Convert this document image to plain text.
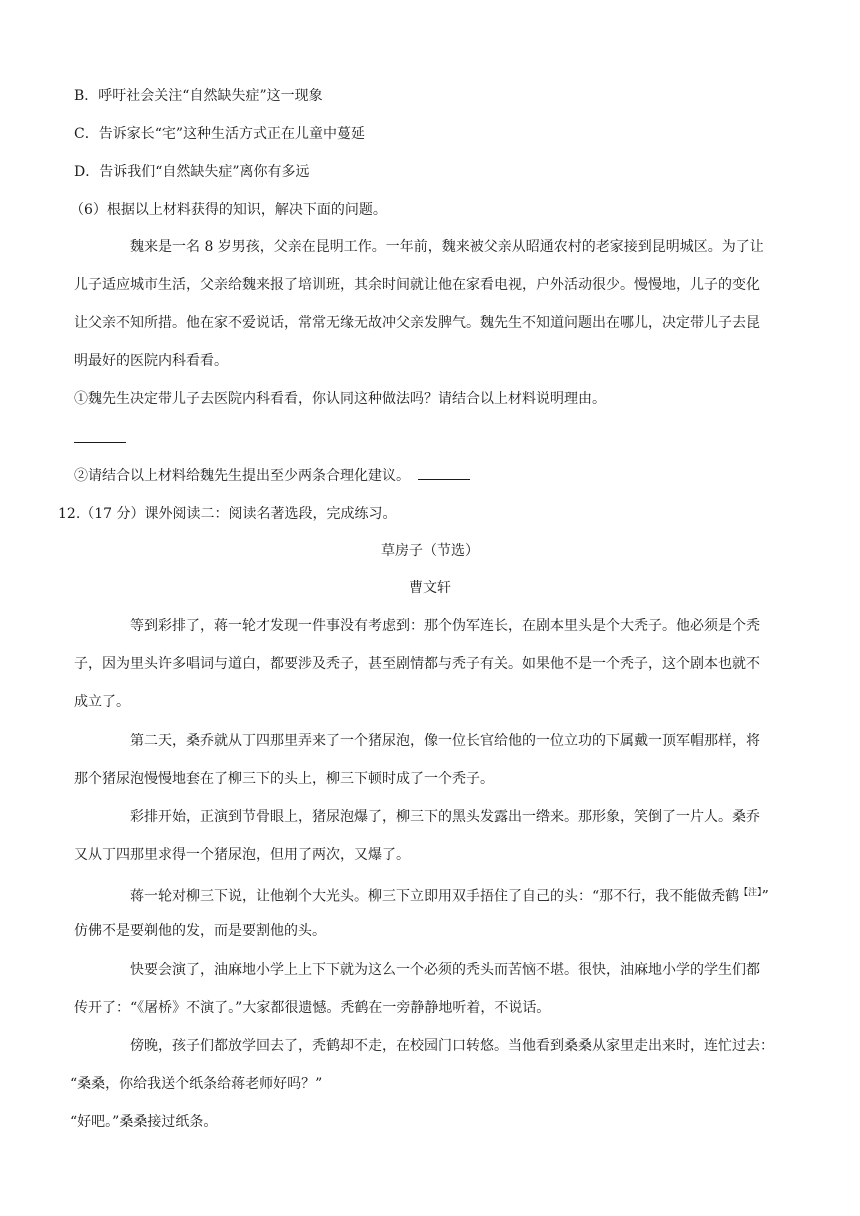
B．呼吁社会关注“自然缺失症”这一现象
C．告诉家长“宅”这种生活方式正在儿童中蔓延
D．告诉我们“自然缺失症”离你有多远
（6）根据以上材料获得的知识，解决下面的问题。
魏来是一名 8 岁男孩，父亲在昆明工作。一年前，魏来被父亲从昭通农村的老家接到昆明城区。为了让
儿子适应城市生活，父亲给魏来报了培训班，其余时间就让他在家看电视，户外活动很少。慢慢地，儿子的变化
让父亲不知所措。他在家不爱说话，常常无缘无故冲父亲发脾气。魏先生不知道问题出在哪儿，决定带儿子去昆
明最好的医院内科看看。
①魏先生决定带儿子去医院内科看看，你认同这种做法吗？请结合以上材料说明理由。
②请结合以上材料给魏先生提出至少两条合理化建议。
12.（17 分）课外阅读二：阅读名著选段，完成练习。
草房子（节选）
曹文轩
等到彩排了，蒋一轮才发现一件事没有考虑到：那个伪军连长，在剧本里头是个大秃子。他必须是个秃
子，因为里头许多唱词与道白，都要涉及秃子，甚至剧情都与秃子有关。如果他不是一个秃子，这个剧本也就不
成立了。
第二天，桑乔就从丁四那里弄来了一个猪尿泡，像一位长官给他的一位立功的下属戴一顶军帽那样，将
那个猪尿泡慢慢地套在了柳三下的头上，柳三下顿时成了一个秃子。
彩排开始，正演到节骨眼上，猪尿泡爆了，柳三下的黑头发露出一绺来。那形象，笑倒了一片人。桑乔
又从丁四那里求得一个猪尿泡，但用了两次，又爆了。
蒋一轮对柳三下说，让他剃个大光头。柳三下立即用双手捂住了自己的头：“那不行，我不能做秃鹤$^{【注】}$”
仿佛不是要剃他的发，而是要割他的头。
快要会演了，油麻地小学上上下下就为这么一个必须的秃头而苦恼不堪。很快，油麻地小学的学生们都
传开了：“《屠桥》不演了。”大家都很遗憾。秃鹤在一旁静静地听着，不说话。
傍晚，孩子们都放学回去了，秃鹤却不走，在校园门口转悠。当他看到桑桑从家里走出来时，连忙过去：
“桑桑，你给我送个纸条给蒋老师好吗？”
“好吧。”桑桑接过纸条。
